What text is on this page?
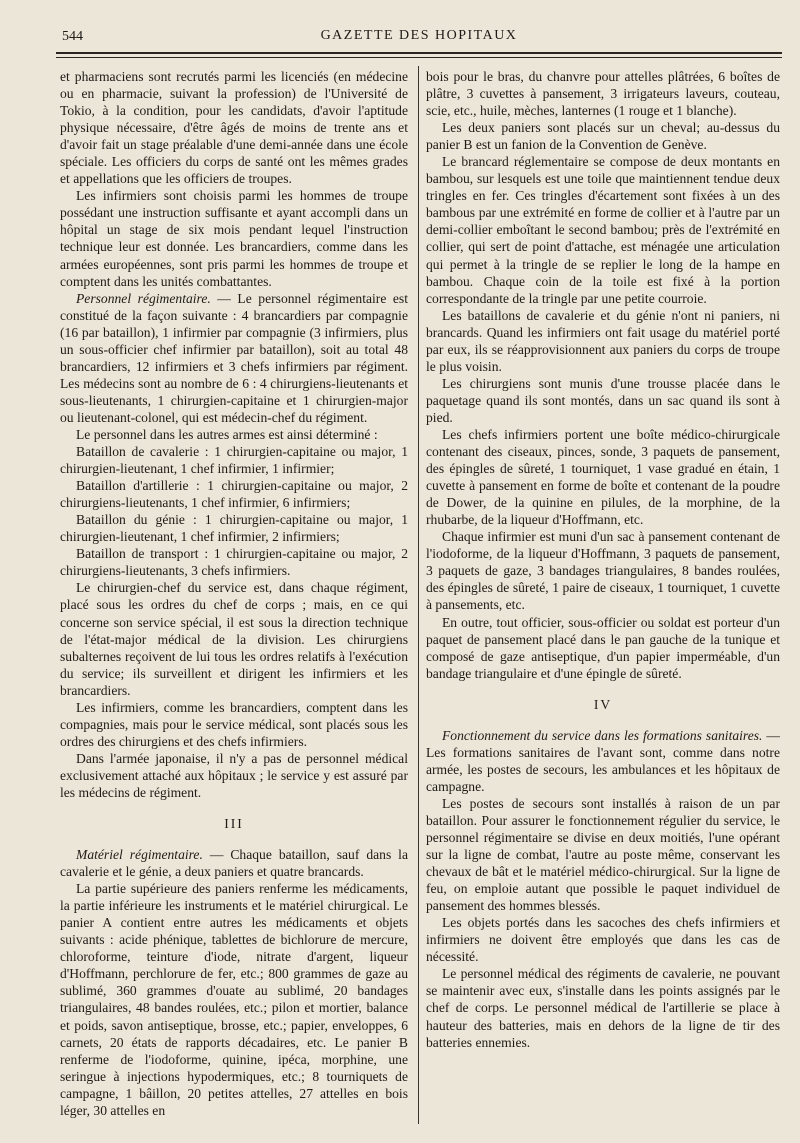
544	GAZETTE DES HOPITAUX

et pharmaciens sont recrutés parmi les licenciés (en médecine ou en pharmacie, suivant la profession) de l'Université de Tokio, à la condition, pour les candidats, d'avoir l'aptitude physique nécessaire, d'être âgés de moins de trente ans et d'avoir fait un stage préalable d'une demi-année dans une école spéciale. Les officiers du corps de santé ont les mêmes grades et appellations que les officiers de troupes.

Les infirmiers sont choisis parmi les hommes de troupe possédant une instruction suffisante et ayant accompli dans un hôpital un stage de six mois pendant lequel l'instruction technique leur est donnée. Les brancardiers, comme dans les armées européennes, sont pris parmi les hommes de troupe et comptent dans les unités combattantes.

Personnel régimentaire. — Le personnel régimentaire est constitué de la façon suivante : 4 brancardiers par compagnie (16 par bataillon), 1 infirmier par compagnie (3 infirmiers, plus un sous-officier chef infirmier par bataillon), soit au total 48 brancardiers, 12 infirmiers et 3 chefs infirmiers par régiment. Les médecins sont au nombre de 6 : 4 chirurgiens-lieutenants et sous-lieutenants, 1 chirurgien-capitaine et 1 chirurgien-major ou lieutenant-colonel, qui est médecin-chef du régiment.

Le personnel dans les autres armes est ainsi déterminé :

Bataillon de cavalerie : 1 chirurgien-capitaine ou major, 1 chirurgien-lieutenant, 1 chef infirmier, 1 infirmier;

Bataillon d'artillerie : 1 chirurgien-capitaine ou major, 2 chirurgiens-lieutenants, 1 chef infirmier, 6 infirmiers;

Bataillon du génie : 1 chirurgien-capitaine ou major, 1 chirurgien-lieutenant, 1 chef infirmier, 2 infirmiers;

Bataillon de transport : 1 chirurgien-capitaine ou major, 2 chirurgiens-lieutenants, 3 chefs infirmiers.

Le chirurgien-chef du service est, dans chaque régiment, placé sous les ordres du chef de corps ; mais, en ce qui concerne son service spécial, il est sous la direction technique de l'état-major médical de la division. Les chirurgiens subalternes reçoivent de lui tous les ordres relatifs à l'exécution du service; ils surveillent et dirigent les infirmiers et les brancardiers.

Les infirmiers, comme les brancardiers, comptent dans les compagnies, mais pour le service médical, sont placés sous les ordres des chirurgiens et des chefs infirmiers.

Dans l'armée japonaise, il n'y a pas de personnel médical exclusivement attaché aux hôpitaux ; le service y est assuré par les médecins de régiment.

III

Matériel régimentaire. — Chaque bataillon, sauf dans la cavalerie et le génie, a deux paniers et quatre brancards.

La partie supérieure des paniers renferme les médicaments, la partie inférieure les instruments et le matériel chirurgical. Le panier A contient entre autres les médicaments et objets suivants : acide phénique, tablettes de bichlorure de mercure, chloroforme, teinture d'iode, nitrate d'argent, liqueur d'Hoffmann, perchlorure de fer, etc.; 800 grammes de gaze au sublimé, 360 grammes d'ouate au sublimé, 20 bandages triangulaires, 48 bandes roulées, etc.; pilon et mortier, balance et poids, savon antiseptique, brosse, etc.; papier, enveloppes, 6 carnets, 20 états de rapports décadaires, etc. Le panier B renferme de l'iodoforme, quinine, ipéca, morphine, une seringue à injections hypodermiques, etc.; 8 tourniquets de campagne, 1 bâillon, 20 petites attelles, 27 attelles en bois léger, 30 attelles en

bois pour le bras, du chanvre pour attelles plâtrées, 6 boîtes de plâtre, 3 cuvettes à pansement, 3 irrigateurs laveurs, couteau, scie, etc., huile, mèches, lanternes (1 rouge et 1 blanche).

Les deux paniers sont placés sur un cheval; au-dessus du panier B est un fanion de la Convention de Genève.

Le brancard réglementaire se compose de deux montants en bambou, sur lesquels est une toile que maintiennent tendue deux tringles en fer. Ces tringles d'écartement sont fixées à un des bambous par une extrémité en forme de collier et à l'autre par un demi-collier emboîtant le second bambou; près de l'extrémité en collier, qui sert de point d'attache, est ménagée une articulation qui permet à la tringle de se replier le long de la hampe en bambou. Chaque coin de la toile est fixé à la portion correspondante de la tringle par une petite courroie.

Les bataillons de cavalerie et du génie n'ont ni paniers, ni brancards. Quand les infirmiers ont fait usage du matériel porté par eux, ils se réapprovisionnent aux paniers du corps de troupe le plus voisin.

Les chirurgiens sont munis d'une trousse placée dans le paquetage quand ils sont montés, dans un sac quand ils sont à pied.

Les chefs infirmiers portent une boîte médico-chirurgicale contenant des ciseaux, pinces, sonde, 3 paquets de pansement, des épingles de sûreté, 1 tourniquet, 1 vase gradué en étain, 1 cuvette à pansement en forme de boîte et contenant de la poudre de Dower, de la quinine en pilules, de la morphine, de la rhubarbe, de la liqueur d'Hoffmann, etc.

Chaque infirmier est muni d'un sac à pansement contenant de l'iodoforme, de la liqueur d'Hoffmann, 3 paquets de pansement, 3 paquets de gaze, 3 bandages triangulaires, 8 bandes roulées, des épingles de sûreté, 1 paire de ciseaux, 1 tourniquet, 1 cuvette à pansements, etc.

En outre, tout officier, sous-officier ou soldat est porteur d'un paquet de pansement placé dans le pan gauche de la tunique et composé de gaze antiseptique, d'un papier imperméable, d'un bandage triangulaire et d'une épingle de sûreté.

IV

Fonctionnement du service dans les formations sanitaires. — Les formations sanitaires de l'avant sont, comme dans notre armée, les postes de secours, les ambulances et les hôpitaux de campagne.

Les postes de secours sont installés à raison de un par bataillon. Pour assurer le fonctionnement régulier du service, le personnel régimentaire se divise en deux moitiés, l'une opérant sur la ligne de combat, l'autre au poste même, conservant les chevaux de bât et le matériel médico-chirurgical. Sur la ligne de feu, on emploie autant que possible le paquet individuel de pansement des hommes blessés.

Les objets portés dans les sacoches des chefs infirmiers et infirmiers ne doivent être employés que dans les cas de nécessité.

Le personnel médical des régiments de cavalerie, ne pouvant se maintenir avec eux, s'installe dans les points assignés par le chef de corps. Le personnel médical de l'artillerie se place à hauteur des batteries, mais en dehors de la ligne de tir des batteries ennemies.
